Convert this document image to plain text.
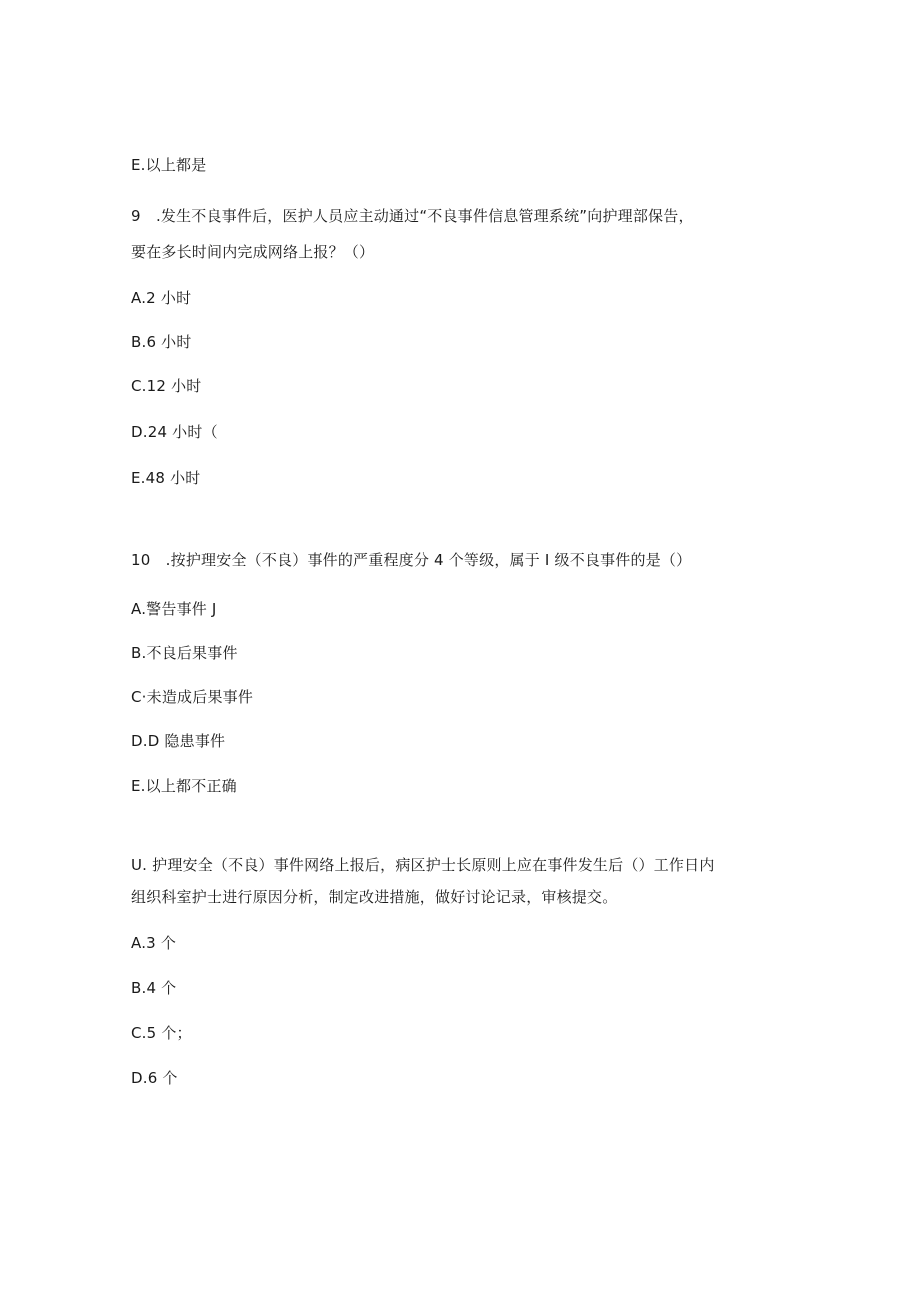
E.以上都是
9　.发生不良事件后，医护人员应主动通过“不良事件信息管理系统”向护理部保告，
要在多长时间内完成网络上报？（）
A.2 小时
B.6 小时
C.12 小时
D.24 小时（
E.48 小时
10　.按护理安全（不良）事件的严重程度分 4 个等级，属于 I 级不良事件的是（）
A.警告事件 J
B.不良后果事件
C·未造成后果事件
D.D 隐患事件
E.以上都不正确
U. 护理安全（不良）事件网络上报后，病区护士长原则上应在事件发生后（）工作日内
组织科室护士进行原因分析，制定改进措施，做好讨论记录，审核提交。
A.3 个
B.4 个
C.5 个；
D.6 个
